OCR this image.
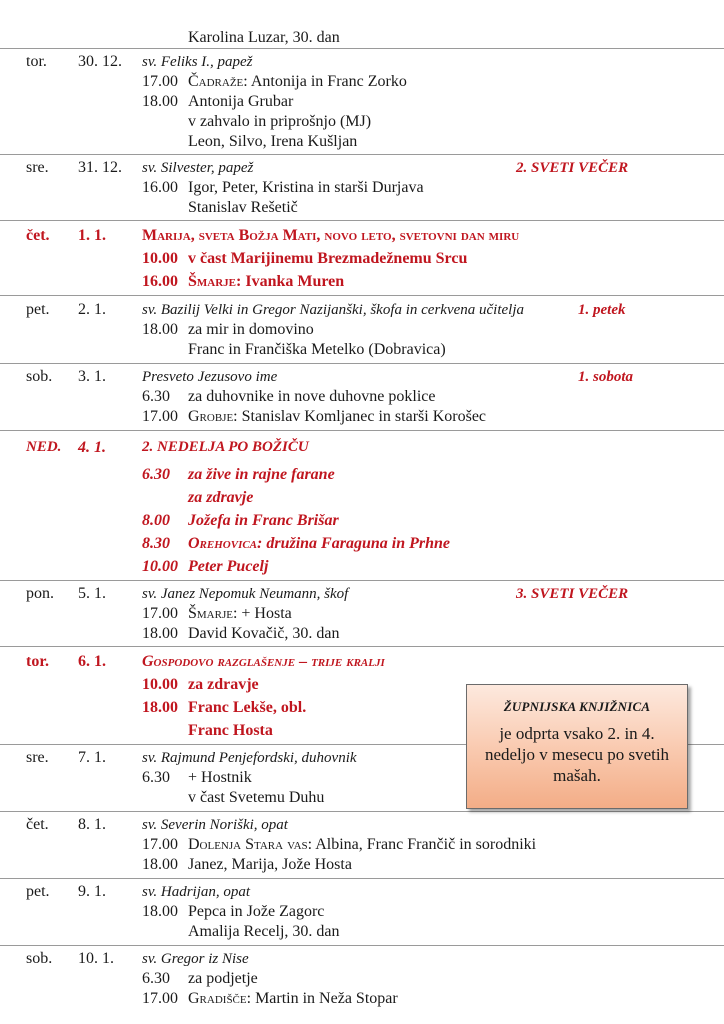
Karolina Luzar, 30. dan
tor. 30. 12. sv. Feliks I., papež
17.00 Čadraže: Antonija in Franc Zorko
18.00 Antonija Grubar
v zahvalo in priprošnjo (MJ)
Leon, Silvo, Irena Kušljan
sre. 31. 12. sv. Silvester, papež	2. SVETI VEČER
16.00 Igor, Peter, Kristina in starši Durjava
Stanislav Rešetič
čet. 1. 1. Marija, sveta Božja Mati, novo leto, svetovni dan miru
10.00 v čast Marijinemu Brezmadežnemu Srcu
16.00 Šmarje: Ivanka Muren
pet. 2. 1. sv. Bazilij Velki in Gregor Nazijanški, škofa in cerkvena učitelja	1. petek
18.00 za mir in domovino
Franc in Frančiška Metelko (Dobravica)
sob. 3. 1. Presveto Jezusovo ime	1. sobota
6.30 za duhovnike in nove duhovne poklice
17.00 Grobje: Stanislav Komljanec in starši Korošec
NED. 4. 1. 2. NEDELJA PO BOŽIČU
6.30 za žive in rajne farane
za zdravje
8.00 Jožefa in Franc Brišar
8.30 Orehovica: družina Faraguna in Prhne
10.00 Peter Pucelj
pon. 5. 1. sv. Janez Nepomuk Neumann, škof	3. SVETI VEČER
17.00 Šmarje: + Hosta
18.00 David Kovačič, 30. dan
tor. 6. 1. Gospodovo razglašenje – trije kralji
10.00 za zdravje
18.00 Franc Lekše, obl.
Franc Hosta
sre. 7. 1. sv. Rajmund Penjefordski, duhovnik
6.30 + Hostnik
v čast Svetemu Duhu
čet. 8. 1. sv. Severin Noriški, opat
17.00 Dolenja Stara vas: Albina, Franc Frančič in sorodniki
18.00 Janez, Marija, Jože Hosta
pet. 9. 1. sv. Hadrijan, opat
18.00 Pepca in Jože Zagorc
Amalija Recelj, 30. dan
sob. 10. 1. sv. Gregor iz Nise
6.30 za podjetje
17.00 Gradišče: Martin in Neža Stopar
ŽUPNIJSKA KNJIŽNICA
je odprta vsako 2. in 4. nedeljo v mesecu po svetih mašah.
